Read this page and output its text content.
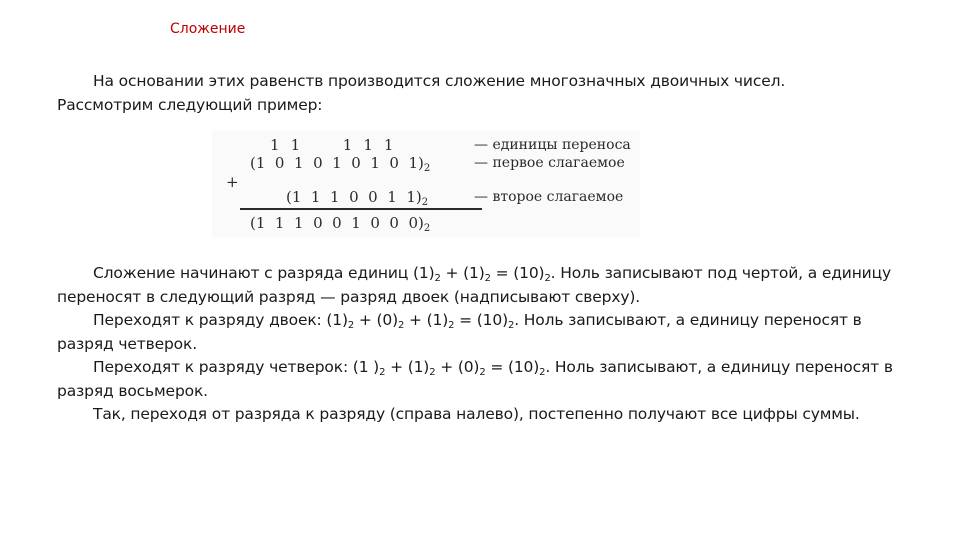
Сложение
На основании этих равенств производится сложение многозначных двоичных чисел.
Рассмотрим следующий пример:
1  1        1  1  1
(1  0  1  0  1  0  1  0  $1)_2$
+
(1  1  1  0  0  1  $1)_2$
(1  1  1  0  0  1  0  0  $0)_2$
— единицы переноса
— первое слагаемое
— второе слагаемое
Сложение начинают с разряда единиц $(1)_2 + (1)_2 = (10)_2$. Ноль записывают под чертой, а единицу переносят в следующий разряд — разряд двоек (надписывают сверху).
Переходят к разряду двоек: $(1)_2 + (0)_2 + (1)_2 = (10)_2$. Ноль записывают, а единицу переносят в разряд четверок.
Переходят к разряду четверок: (1 )$_2 + (1)_2 + (0)_2 = (10)_2$. Ноль записывают, а единицу переносят в разряд восьмерок.
Так, переходя от разряда к разряду (справа налево), постепенно получают все цифры суммы.
